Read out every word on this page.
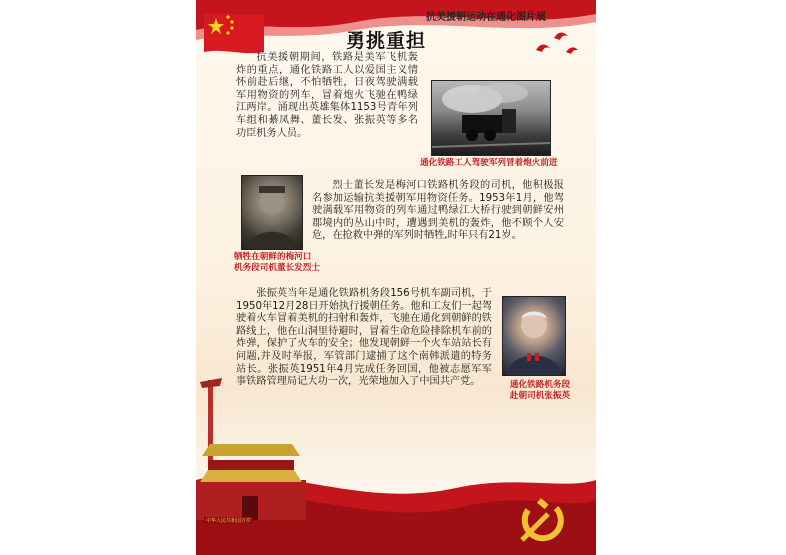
抗美援朝运动在通化图片展
勇挑重担
抗美援朝期间，铁路是美军飞机轰炸的重点，通化铁路工人以爱国主义情怀前赴后继，不怕牺牲，日夜驾驶满载军用物资的列车，冒着炮火飞驰在鸭绿江两岸。涌现出英雄集体1153号青年列车组和綦凤舞、董长发、张振英等多名功臣机务人员。
通化铁路工人驾驶军列冒着炮火前进
牺牲在朝鲜的梅河口
机务段司机董长发烈士
烈士董长发是梅河口铁路机务段的司机，他积极报名参加运输抗美援朝军用物资任务。1953年1月，他驾驶满载军用物资的列车通过鸭绿江大桥行驶到朝鲜安州郡境内的丛山中时，遭遇到美机的轰炸，他不顾个人安危，在抢救中弹的军列时牺牲,时年只有21岁。
张振英当年是通化铁路机务段156号机车副司机，于1950年12月28日开始执行援朝任务。他和工友们一起驾驶着火车冒着美机的扫射和轰炸，飞驰在通化到朝鲜的铁路线上，他在山洞里待避时，冒着生命危险排除机车前的炸弹，保护了火车的安全；他发现朝鲜一个火车站站长有问题,并及时举报，军管部门逮捕了这个南韩派遣的特务站长。张振英1951年4月完成任务回国，他被志愿军军事铁路管理局记大功一次，光荣地加入了中国共产党。	通化铁路机务段
赴朝司机张振英
中华人民共和国万岁
